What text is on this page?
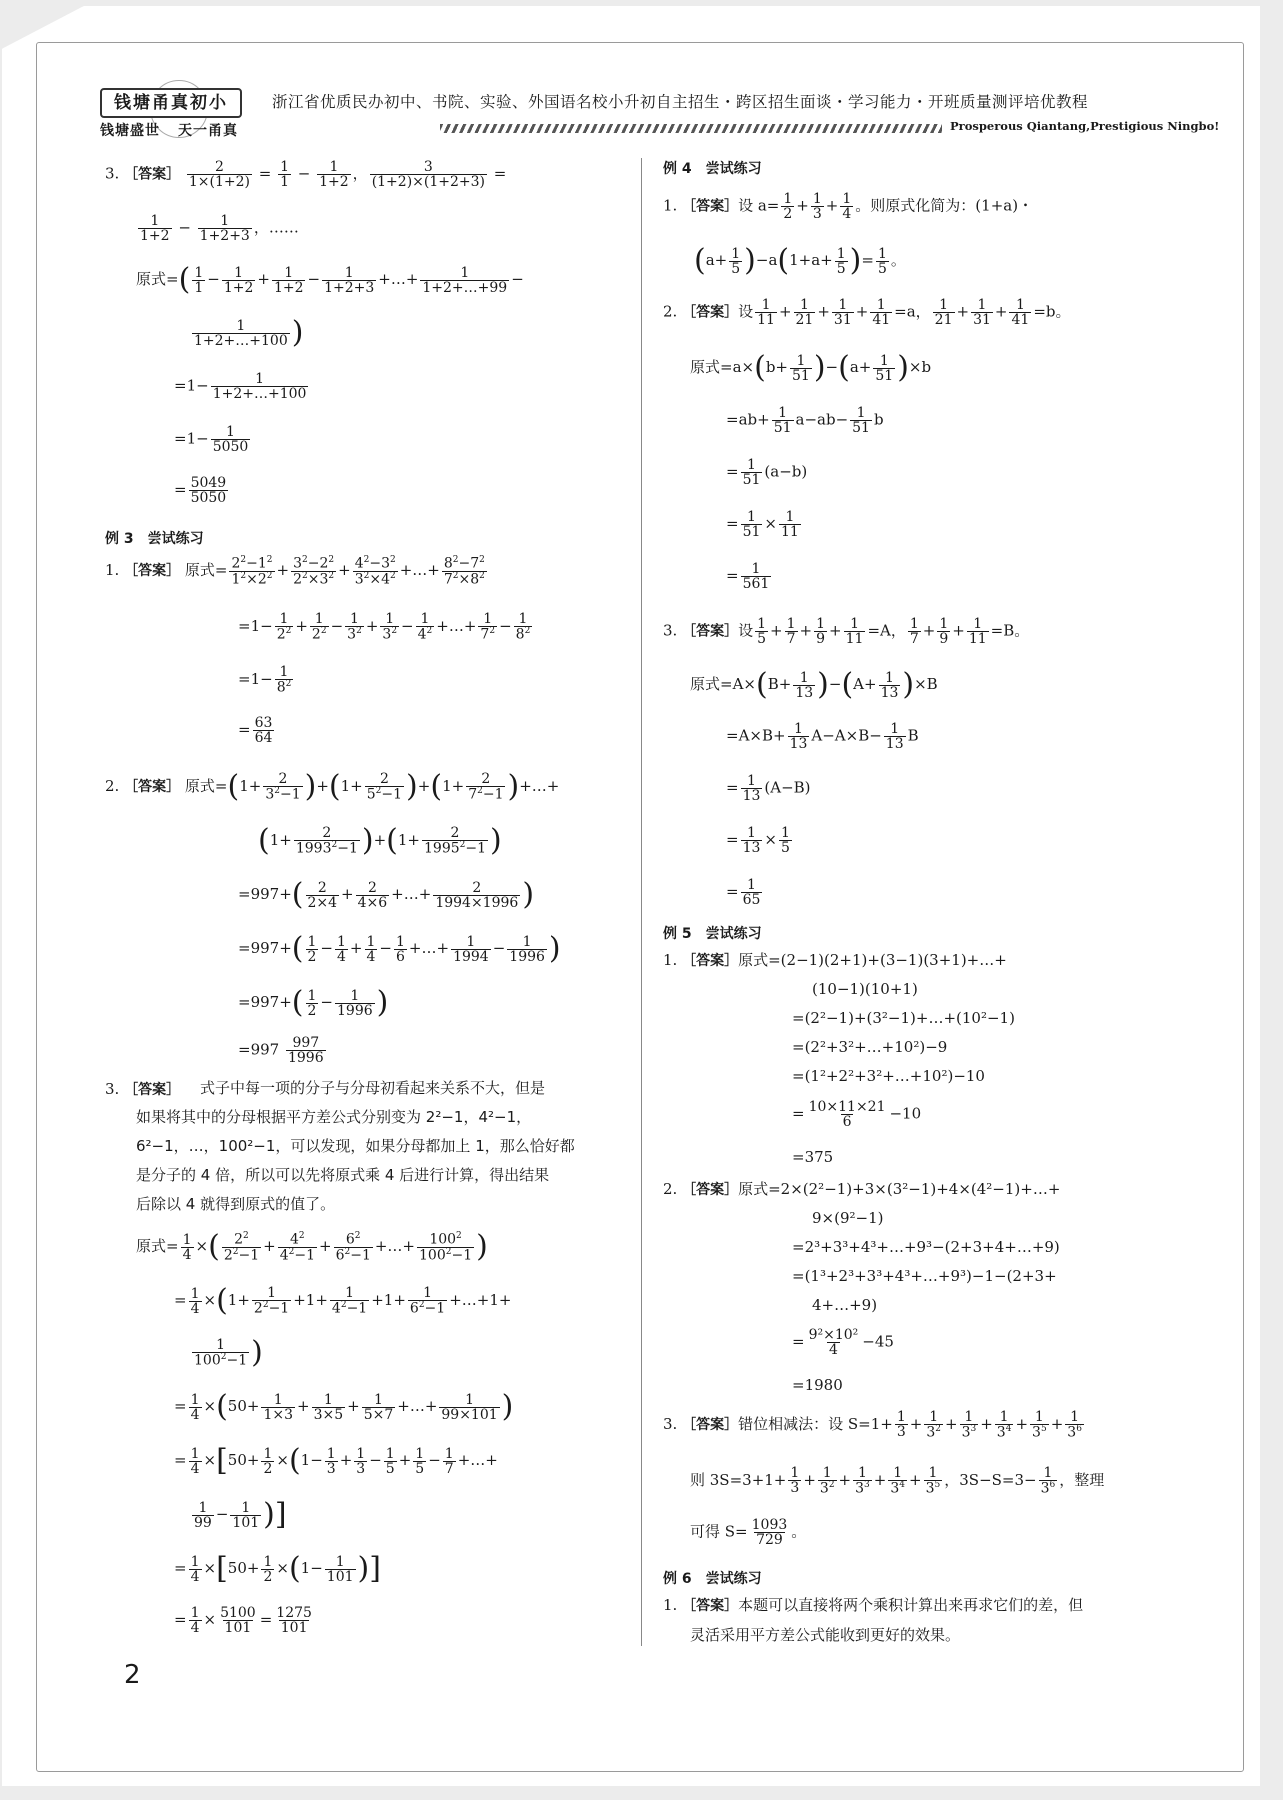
钱塘甬真初小
钱塘盛世 天一甬真
浙江省优质民办初中、书院、实验、外国语名校小升初自主招生・跨区招生面谈・学习能力・开班质量测评培优教程
Prosperous Qiantang,Prestigious Ningbo!
3. ［答案］ $\frac{2}{1\times(1+2)} = \frac{1}{1} - \frac{1}{1+2}$ ， $\frac{3}{(1+2)\times(1+2+3)}$ =
$\frac{1}{1+2} - \frac{1}{1+2+3}$ ，……
原式=( $\frac{1}{1} - \frac{1}{1+2} + \frac{1}{1+2} - \frac{1}{1+2+3}$ +…+ $\frac{1}{1+2+\dots+99}$ −
$\frac{1}{1+2+\dots+100}$ )
$=1- \frac{1}{1+2+\dots+100}$
$=1- \frac{1}{5050}$
= $\frac{5049}{5050}$
例 3　尝试练习
1. ［答案］ 原式= $\frac{2^2-1^2}{1^2\times 2^2} + \frac{3^2-2^2}{2^2\times 3^2} + \frac{4^2-3^2}{3^2\times 4^2}$ +…+ $\frac{8^2-7^2}{7^2\times 8^2}$
$=1- \frac{1}{2^2} + \frac{1}{2^2} - \frac{1}{3^2} + \frac{1}{3^2} - \frac{1}{4^2}$ +…+ $\frac{1}{7^2} - \frac{1}{8^2}$
$=1- \frac{1}{8^2}$
= $\frac{63}{64}$
2. ［答案］ 原式$=(1+ \frac{2}{3^2-1} )+(1+ \frac{2}{5^2-1} )+(1+ \frac{2}{7^2-1}$ )+…+
$(1+ \frac{2}{1993^2-1} )+(1+ \frac{2}{1995^2-1}$ )
$=997+( \frac{2}{2\times 4} + \frac{2}{4\times 6}$ +…+ $\frac{2}{1994\times 1996}$ )
$=997+( \frac{1}{2} - \frac{1}{4} + \frac{1}{4} - \frac{1}{6}$ +…+ $\frac{1}{1994} - \frac{1}{1996}$ )
$=997+( \frac{1}{2} - \frac{1}{1996}$ )
$=997 \frac{997}{1996}$
3. ［答案］ 式子中每一项的分子与分母初看起来关系不大，但是
如果将其中的分母根据平方差公式分别变为 2²−1，4²−1，
6²−1，…，100²−1，可以发现，如果分母都加上 1，那么恰好都
是分子的 4 倍，所以可以先将原式乘 4 后进行计算，得出结果
后除以 4 就得到原式的值了。
原式= $\frac{1}{4}$ ×( $\frac{2^2}{2^2-1} + \frac{4^2}{4^2-1} + \frac{6^2}{6^2-1}$ +…+ $\frac{100^2}{100^2-1}$ )
= $\frac{1}{4} \times(1+ \frac{1}{2^2-1} +1+ \frac{1}{4^2-1} +1+ \frac{1}{6^2-1}$ +…+1+
$\frac{1}{100^2-1}$ )
= $\frac{1}{4} \times(50+ \frac{1}{1\times 3} + \frac{1}{3\times 5} + \frac{1}{5\times 7}$ +…+ $\frac{1}{99\times 101}$ )
= $\frac{1}{4} \times[50+ \frac{1}{2} \times(1- \frac{1}{3} + \frac{1}{3} - \frac{1}{5} + \frac{1}{5} - \frac{1}{7}$ +…+
$\frac{1}{99} - \frac{1}{101}$ )]
= $\frac{1}{4} \times[50+ \frac{1}{2} \times(1- \frac{1}{101}$ )]
= $\frac{1}{4} \times \frac{5100}{101} = \frac{1275}{101}$
例 4　尝试练习
1. ［答案］设 $a= \frac{1}{2} + \frac{1}{3} + \frac{1}{4}$ 。则原式化简为：(1+a)・
$(a+ \frac{1}{5} )-a(1+a+ \frac{1}{5}$ )= $\frac{1}{5}$ 。
2. ［答案］设 $\frac{1}{11} + \frac{1}{21} + \frac{1}{31} + \frac{1}{41} =a$， $\frac{1}{21} + \frac{1}{31} + \frac{1}{41} =b$。
原式$=a\times(b+ \frac{1}{51} )-(a+ \frac{1}{51} )\times b$
$=ab+ \frac{1}{51} a-ab- \frac{1}{51}$ b
= $\frac{1}{51} (a-b)$
= $\frac{1}{51} \times \frac{1}{11}$
= $\frac{1}{561}$
3. ［答案］设 $\frac{1}{5} + \frac{1}{7} + \frac{1}{9} + \frac{1}{11} =A$， $\frac{1}{7} + \frac{1}{9} + \frac{1}{11} =B$。
原式$=A\times(B+ \frac{1}{13} )-(A+ \frac{1}{13} )\times B$
$=A\times B+ \frac{1}{13} A-A\times B- \frac{1}{13}$ B
= $\frac{1}{13} (A-B)$
= $\frac{1}{13} \times \frac{1}{5}$
= $\frac{1}{65}$
例 5　尝试练习
1. ［答案］原式=(2−1)(2+1)+(3−1)(3+1)+…+
(10−1)(10+1)
=(2²−1)+(3²−1)+…+(10²−1)
=(2²+3²+…+10²)−9
=(1²+2²+3²+…+10²)−10
= $\frac{10\times 11\times 21}{6} -10$
=375
2. ［答案］原式=2×(2²−1)+3×(3²−1)+4×(4²−1)+…+
9×(9²−1)
=2³+3³+4³+…+9³−(2+3+4+…+9)
=(1³+2³+3³+4³+…+9³)−1−(2+3+
4+…+9)
= $\frac{\text{9²×10²}}{4} -45$
=1980
3. ［答案］错位相减法：设 $S=1+ \frac{1}{3} + \frac{1}{3^2} + \frac{1}{3^3} + \frac{1}{3^4} + \frac{1}{3^5} + \frac{1}{3^6}$
则 $3S=3+1+ \frac{1}{3} + \frac{1}{3^2} + \frac{1}{3^3} + \frac{1}{3^4} + \frac{1}{3^5}$ ，$3S-S=3- \frac{1}{3^6}$ ，整理
可得 $S= \frac{1093}{729}$ 。
例 6　尝试练习
1. ［答案］本题可以直接将两个乘积计算出来再求它们的差，但
灵活采用平方差公式能收到更好的效果。
2
